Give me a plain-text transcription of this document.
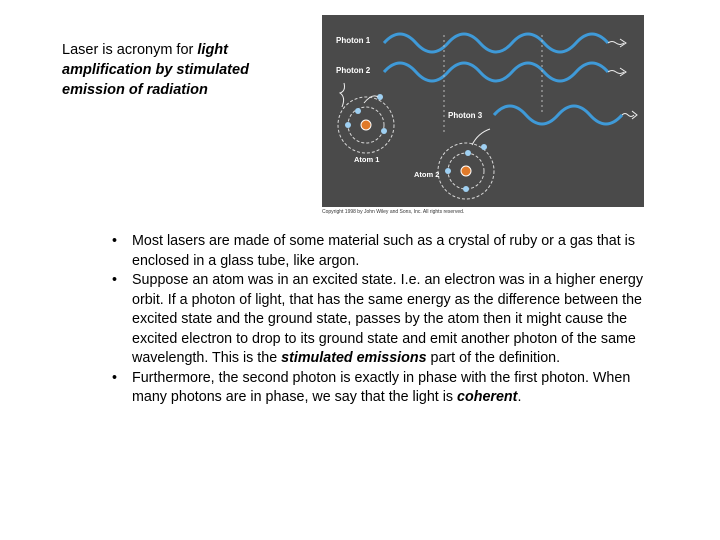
Laser is acronym for light amplification by stimulated emission of radiation
Photon 1
Photon 2
Photon 3
Atom 1
Atom 2
Copyright 1998 by John Wiley and Sons, Inc. All rights reserved.
• Most lasers are made of some material such as a crystal of ruby or a gas that is enclosed in a glass tube, like argon.
• Suppose an atom was in an excited state. I.e. an electron was in a higher energy orbit. If a photon of light, that has the same energy as the difference between the excited state and the ground state, passes by the atom then it might cause the excited electron to drop to its ground state and emit another photon of the same wavelength. This is the stimulated emissions part of the definition.
• Furthermore, the second photon is exactly in phase with the first photon. When many photons are in phase, we say that the light is coherent.
